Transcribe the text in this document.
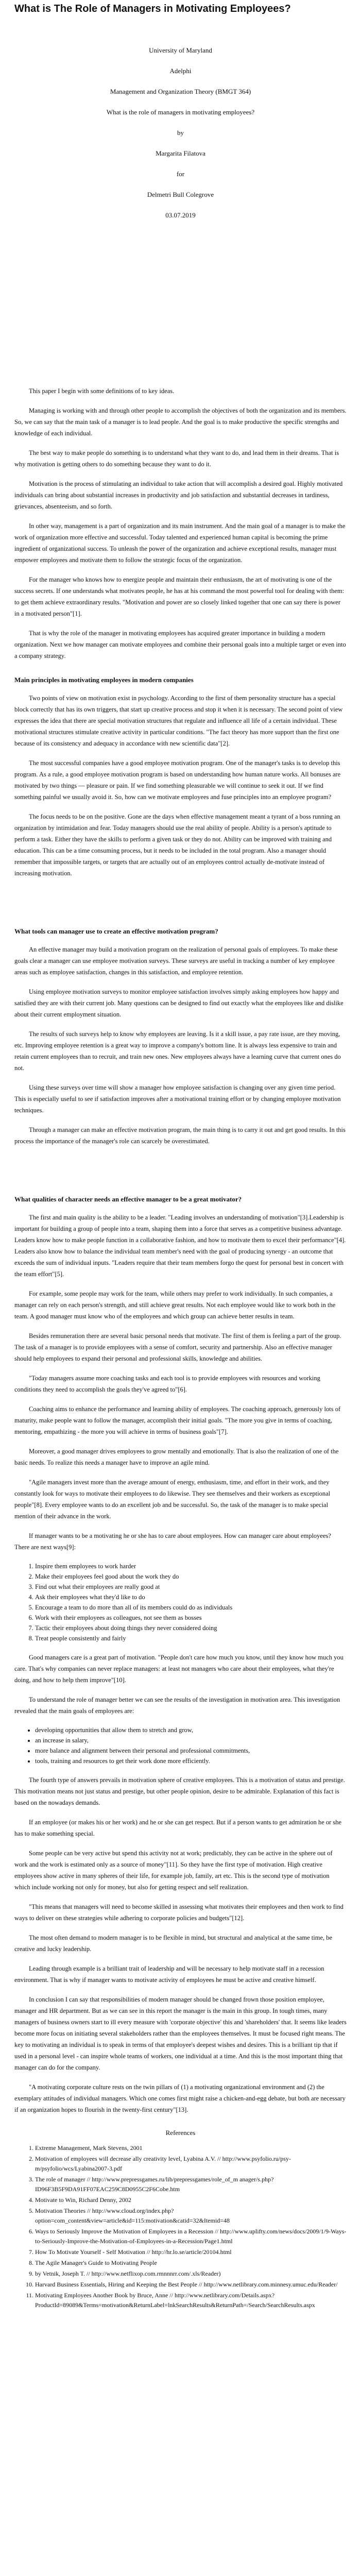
What is The Role of Managers in Motivating Employees?

University of Maryland

Adelphi

Management and Organization Theory (BMGT 364)

What is the role of managers in motivating employees?

by

Margarita Filatova

for

Delmetri Bull Colegrove

03.07.2019

This paper I begin with some definitions of to key ideas.

Managing is working with and through other people to accomplish the objectives of both the organization and its members. So, we can say that the main task of a manager is to lead people. And the goal is to make productive the specific strengths and knowledge of each individual.

The best way to make people do something is to understand what they want to do, and lead them in their dreams. That is why motivation is getting others to do something because they want to do it.

Motivation is the process of stimulating an individual to take action that will accomplish a desired goal. Highly motivated individuals can bring about substantial increases in productivity and job satisfaction and substantial decreases in tardiness, grievances, absenteeism, and so forth.

In other way, management is a part of organization and its main instrument. And the main goal of a manager is to make the work of organization more effective and successful. Today talented and experienced human capital is becoming the prime ingredient of organizational success. To unleash the power of the organization and achieve exceptional results, manager must empower employees and motivate them to follow the strategic focus of the organization.

For the manager who knows how to energize people and maintain their enthusiasm, the art of motivating is one of the success secrets. If one understands what motivates people, he has at his command the most powerful tool for dealing with them: to get them achieve extraordinary results. "Motivation and power are so closely linked together that one can say there is power in a motivated person"[1].

That is why the role of the manager in motivating employees has acquired greater importance in building a modern organization. Next we how manager can motivate employees and combine their personal goals into a multiple target or even into a company strategy.

Main principles in motivating employees in modern companies

Two points of view on motivation exist in psychology. According to the first of them personality structure has a special block correctly that has its own triggers, that start up creative process and stop it when it is necessary. The second point of view expresses the idea that there are special motivation structures that regulate and influence all life of a certain individual. These motivational structures stimulate creative activity in particular conditions. "The fact theory has more support than the first one because of its consistency and adequacy in accordance with new scientific data"[2].

The most successful companies have a good employee motivation program. One of the manager's tasks is to develop this program. As a rule, a good employee motivation program is based on understanding how human nature works. All bonuses are motivated by two things — pleasure or pain. If we find something pleasurable we will continue to seek it out. If we find something painful we usually avoid it. So, how can we motivate employees and fuse principles into an employee program?

The focus needs to be on the positive. Gone are the days when effective management meant a tyrant of a boss running an organization by intimidation and fear. Today managers should use the real ability of people. Ability is a person's aptitude to perform a task. Either they have the skills to perform a given task or they do not. Ability can be improved with training and education. This can be a time consuming process, but it needs to be included in the total program. Also a manager should remember that impossible targets, or targets that are actually out of an employees control actually de-motivate instead of increasing motivation.

What tools can manager use to create an effective motivation program?

An effective manager may build a motivation program on the realization of personal goals of employees. To make these goals clear a manager can use employee motivation surveys. These surveys are useful in tracking a number of key employee areas such as employee satisfaction, changes in this satisfaction, and employee retention.

Using employee motivation surveys to monitor employee satisfaction involves simply asking employees how happy and satisfied they are with their current job. Many questions can be designed to find out exactly what the employees like and dislike about their current employment situation.

The results of such surveys help to know why employees are leaving. Is it a skill issue, a pay rate issue, are they moving, etc. Improving employee retention is a great way to improve a company's bottom line. It is always less expensive to train and retain current employees than to recruit, and train new ones. New employees always have a learning curve that current ones do not.

Using these surveys over time will show a manager how employee satisfaction is changing over any given time period. This is especially useful to see if satisfaction improves after a motivational training effort or by changing employee motivation techniques.

Through a manager can make an effective motivation program, the main thing is to carry it out and get good results. In this process the importance of the manager's role can scarcely be overestimated.

What qualities of character needs an effective manager to be a great motivator?

The first and main quality is the ability to be a leader. "Leading involves an understanding of motivation"[3].Leadership is important for building a group of people into a team, shaping them into a force that serves as a competitive business advantage. Leaders know how to make people function in a collaborative fashion, and how to motivate them to excel their performance"[4]. Leaders also know how to balance the individual team member's need with the goal of producing synergy - an outcome that exceeds the sum of individual inputs. "Leaders require that their team members forgo the quest for personal best in concert with the team effort"[5].

For example, some people may work for the team, while others may prefer to work individually. In such companies, a manager can rely on each person's strength, and still achieve great results. Not each employee would like to work both in the team. A good manager must know who of the employees and which group can achieve better results in team.

Besides remuneration there are several basic personal needs that motivate. The first of them is feeling a part of the group. The task of a manager is to provide employees with a sense of comfort, security and partnership. Also an effective manager should help employees to expand their personal and professional skills, knowledge and abilities.

"Today managers assume more coaching tasks and each tool is to provide employees with resources and working conditions they need to accomplish the goals they've agreed to"[6].

Coaching aims to enhance the performance and learning ability of employees. The coaching approach, generously lots of maturity, make people want to follow the manager, accomplish their initial goals. "The more you give in terms of coaching, mentoring, empathizing - the more you will achieve in terms of business goals"[7].

Moreover, a good manager drives employees to grow mentally and emotionally. That is also the realization of one of the basic needs. To realize this needs a manager have to improve an agile mind.

"Agile managers invest more than the average amount of energy, enthusiasm, time, and effort in their work, and they constantly look for ways to motivate their employees to do likewise. They see themselves and their workers as exceptional people"[8]. Every employee wants to do an excellent job and be successful. So, the task of the manager is to make special mention of their advance in the work.

If manager wants to be a motivating he or she has to care about employees. How can manager care about employees? There are next ways[9]:

1. Inspire them employees to work harder
2. Make their employees feel good about the work they do
3. Find out what their employees are really good at
4. Ask their employees what they'd like to do
5. Encourage a team to do more than all of its members could do as individuals
6. Work with their employees as colleagues, not see them as bosses
7. Tactic their employees about doing things they never considered doing
8. Treat people consistently and fairly

Good managers care is a great part of motivation. "People don't care how much you know, until they know how much you care. That's why companies can never replace managers: at least not managers who care about their employees, what they're doing, and how to help them improve"[10].

To understand the role of manager better we can see the results of the investigation in motivation area. This investigation revealed that the main goals of employees are:

• developing opportunities that allow them to stretch and grow,
• an increase in salary,
• more balance and alignment between their personal and professional commitments,
• tools, training and resources to get their work done more efficiently.

The fourth type of answers prevails in motivation sphere of creative employees. This is a motivation of status and prestige. This motivation means not just status and prestige, but other people opinion, desire to be admirable. Explanation of this fact is based on the nowadays demands.

If an employee (or makes his or her work) and he or she can get respect. But if a person wants to get admiration he or she has to make something special.

Some people can be very active but spend this activity not at work; predictably, they can be active in the sphere out of work and the work is estimated only as a source of money"[11]. So they have the first type of motivation. High creative employees show active in many spheres of their life, for example job, family, art etc. This is the second type of motivation which include working not only for money, but also for getting respect and self realization.

"This means that managers will need to become skilled in assessing what motivates their employees and then work to find ways to deliver on these strategies while adhering to corporate policies and budgets"[12].

The most often demand to modern manager is to be flexible in mind, but structural and analytical at the same time, be creative and lucky leadership.

Leading through example is a brilliant trait of leadership and will be necessary to help motivate staff in a recession environment. That is why if manager wants to motivate activity of employees he must be active and creative himself.

In conclusion I can say that responsibilities of modern manager should be changed frown those position employee, manager and HR department. But as we can see in this report the manager is the main in this group. In tough times, many managers of business owners start to ill every measure with 'corporate objective' this and 'shareholders' that. It seems like leaders become more focus on initiating several stakeholders rather than the employees themselves. It must be focused right means. The key to motivating an individual is to speak in terms of that employee's deepest wishes and desires. This is a brilliant tip that if used in a personal level - can inspire whole teams of workers, one individual at a time. And this is the most important thing that manager can do for the company.

"A motivating corporate culture rests on the twin pillars of (1) a motivating organizational environment and (2) the exemplary attitudes of individual managers. Which one comes first might raise a chicken-and-egg debate, but both are necessary if an organization hopes to flourish in the twenty-first century"[13].

References
1. Extreme Management, Mark Stevens, 2001
2. Motivation of employees will decrease ally creativity level, Lyabina A.V. // http://www.psyfolio.ru/psy-m/psyfolio/wcs/Lyabina2007-3.pdf
3. The role of manager // http://www.prepressgames.ru/lib/prepressgames/role_of_m anager/s.php?ID96F3B5F9DA91FF07EAC259C8D0955C2F6Cobe.htm
4. Motivate to Win, Richard Denny, 2002
5. Motivation Theories // http://www.cloud.org/index.php?option=com_content&view=article&id=115:motivation&catid=32&Itemid=48
6. Ways to Seriously Improve the Motivation of Employees in a Recession // http://www.uplifty.com/news/docs/2009/1/9-Ways-to-Seriously-Improve-the-Motivation-of-Employees-in-a-Recession/Page1.html
7. How To Motivate Yourself - Self Motivation // http://hr.lo.se/article/20104.html
8. The Agile Manager's Guide to Motivating People
9. by Vetnik, Joseph T. // http://www.netflixop.com.rmnnnrr.com/.xls/Reader)
10. Harvard Business Essentials, Hiring and Keeping the Best People // http://www.netlibrary.com.minnesy.umuc.edu/Reader/
11. Motivating Employees Another Book by Bruce, Anne // http://www.netlibrary.com/Details.aspx?ProductId=89089&Terms=motivation&ReturnLabel=lnkSearchResults&ReturnPath=/Search/SearchResults.aspx
